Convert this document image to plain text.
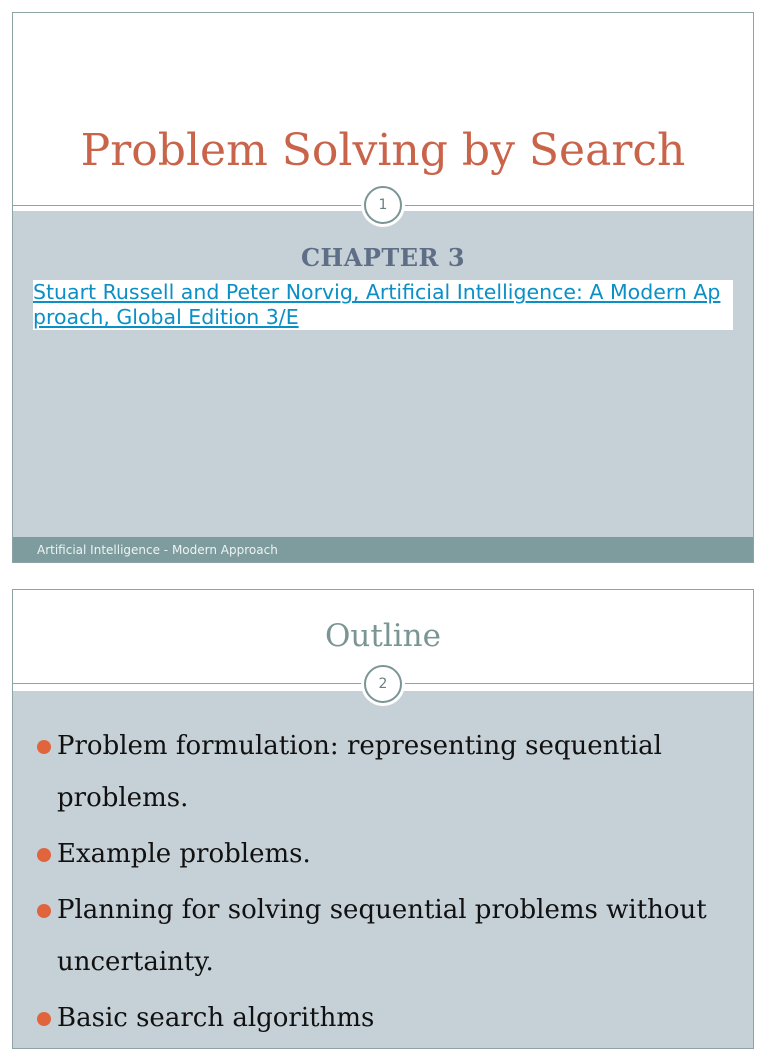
Problem Solving by Search
1
CHAPTER 3
Stuart Russell and Peter Norvig, Artificial Intelligence: A Modern Approach, Global Edition 3/E
Artificial Intelligence - Modern Approach
Outline
2
Problem formulation: representing sequential problems.
Example problems.
Planning for solving sequential problems without uncertainty.
Basic search algorithms
